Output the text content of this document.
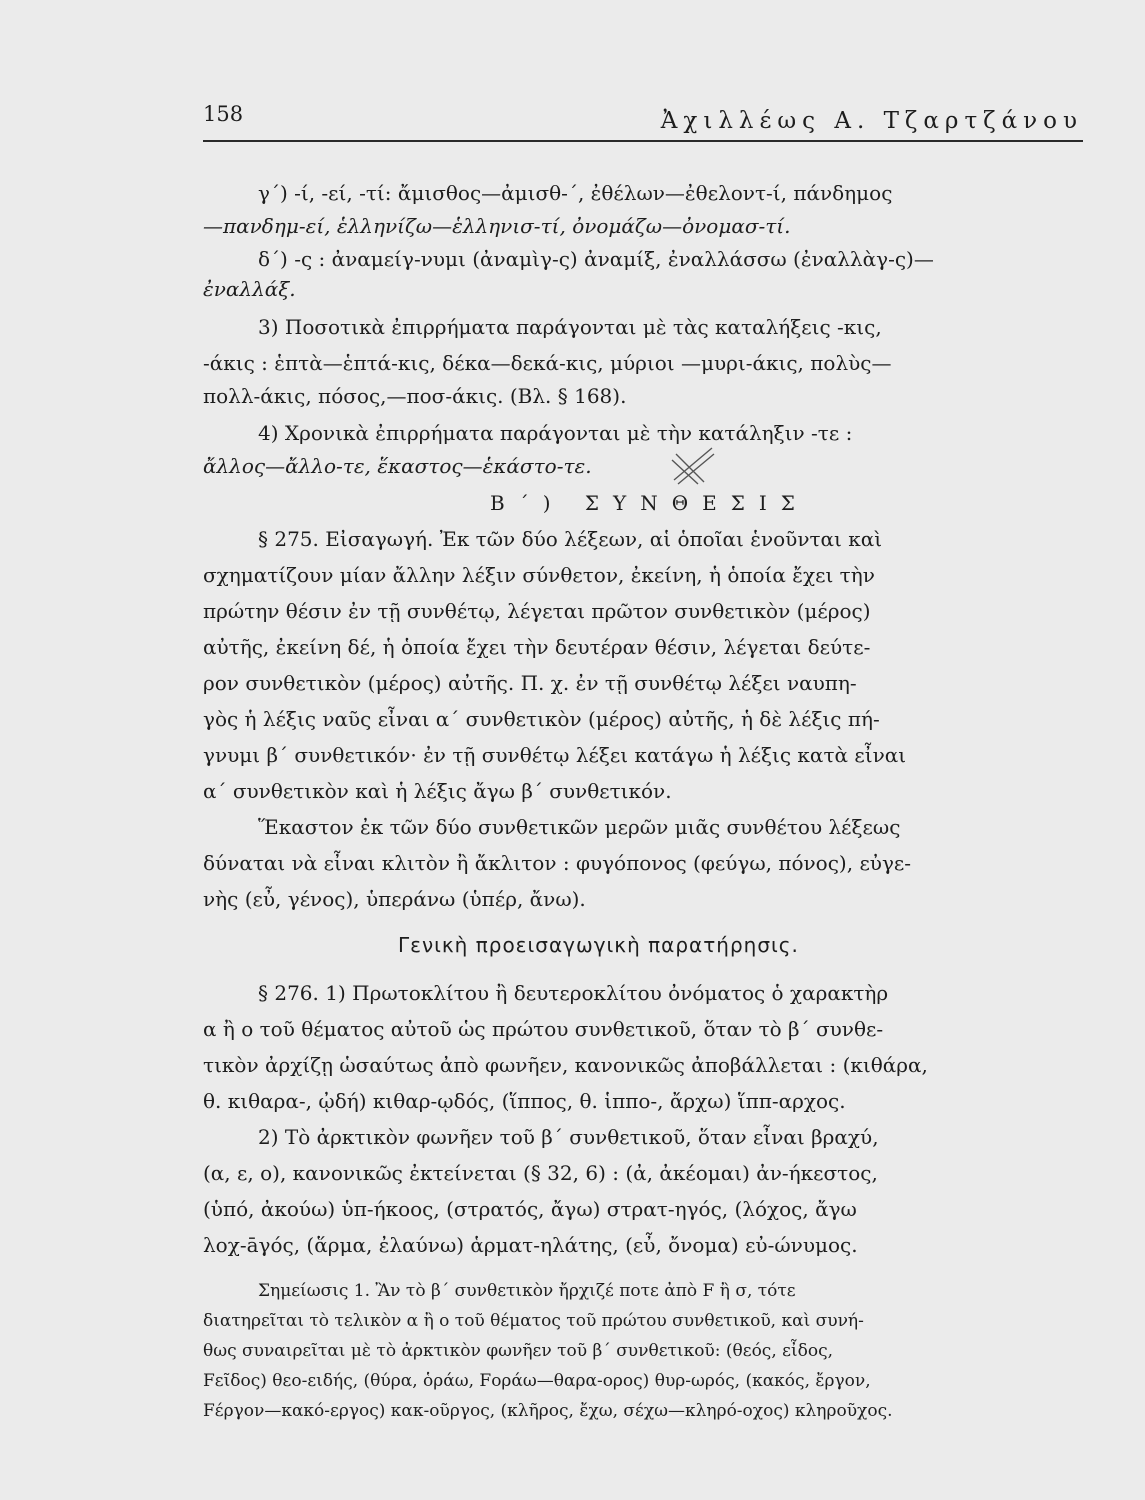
158	Ἀχιλλέως Α. Τζαρτζάνου
γ΄) -ί, -εί, -τί: ἄμισθος—ἀμισθ-΄, ἐθέλων—ἐθελοντ-ί, πάνδημος
—πανδημ-εί, ἑλληνίζω—ἑλληνισ-τί, ὀνομάζω—ὀνομασ-τί.
δ΄) -ς : ἀναμείγ-νυμι (ἀναμὶγ-ς) ἀναμίξ, ἐναλλάσσω (ἐναλλὰγ-ς)—
ἐναλλάξ.
3) Ποσοτικὰ ἐπιρρήματα παράγονται μὲ τὰς καταλήξεις -κις,
-άκις : ἑπτὰ—ἑπτά-κις, δέκα—δεκά-κις, μύριοι —μυρι-άκις, πολὺς—
πολλ-άκις, πόσος,—ποσ-άκις. (Βλ. § 168).
4) Χρονικὰ ἐπιρρήματα παράγονται μὲ τὴν κατάληξιν -τε :
ἄλλος—ἄλλο-τε, ἕκαστος—ἑκάστο-τε.
Β΄) ΣΥΝΘΕΣΙΣ
§ 275. Εἰσαγωγή. Ἐκ τῶν δύο λέξεων, αἱ ὁποῖαι ἑνοῦνται καὶ
σχηματίζουν μίαν ἄλλην λέξιν σύνθετον, ἐκείνη, ἡ ὁποία ἔχει τὴν
πρώτην θέσιν ἐν τῇ συνθέτῳ, λέγεται πρῶτον συνθετικὸν (μέρος)
αὐτῆς, ἐκείνη δέ, ἡ ὁποία ἔχει τὴν δευτέραν θέσιν, λέγεται δεύτε-
ρον συνθετικὸν (μέρος) αὐτῆς. Π. χ. ἐν τῇ συνθέτῳ λέξει ναυπη-
γὸς ἡ λέξις ναῦς εἶναι α΄ συνθετικὸν (μέρος) αὐτῆς, ἡ δὲ λέξις πή-
γνυμι β΄ συνθετικόν· ἐν τῇ συνθέτῳ λέξει κατάγω ἡ λέξις κατὰ εἶναι
α΄ συνθετικὸν καὶ ἡ λέξις ἄγω β΄ συνθετικόν.
Ἕκαστον ἐκ τῶν δύο συνθετικῶν μερῶν μιᾶς συνθέτου λέξεως
δύναται νὰ εἶναι κλιτὸν ἢ ἄκλιτον : φυγόπονος (φεύγω, πόνος), εὐγε-
νὴς (εὖ, γένος), ὑπεράνω (ὑπέρ, ἄνω).
Γενικὴ προεισαγωγικὴ παρατήρησις.
§ 276. 1) Πρωτοκλίτου ἢ δευτεροκλίτου ὀνόματος ὁ χαρακτὴρ
α ἢ ο τοῦ θέματος αὐτοῦ ὡς πρώτου συνθετικοῦ, ὅταν τὸ β΄ συνθε-
τικὸν ἀρχίζῃ ὡσαύτως ἀπὸ φωνῆεν, κανονικῶς ἀποβάλλεται : (κιθάρα,
θ. κιθαρα-, ᾠδή) κιθαρ-ῳδός, (ἵππος, θ. ἱππο-, ἄρχω) ἵππ-αρχος.
2) Τὸ ἀρκτικὸν φωνῆεν τοῦ β΄ συνθετικοῦ, ὅταν εἶναι βραχύ,
(α, ε, ο), κανονικῶς ἐκτείνεται (§ 32, 6) : (ἀ, ἀκέομαι) ἀν-ήκεστος,
(ὑπό, ἀκούω) ὑπ-ήκοος, (στρατός, ἄγω) στρατ-ηγός, (λόχος, ἄγω
λοχ-āγός, (ἅρμα, ἐλαύνω) ἁρματ-ηλάτης, (εὖ, ὄνομα) εὐ-ώνυμος.
Σημείωσις 1. Ἂν τὸ β΄ συνθετικὸν ἤρχιζέ ποτε ἀπὸ F ἢ σ, τότε
διατηρεῖται τὸ τελικὸν α ἢ ο τοῦ θέματος τοῦ πρώτου συνθετικοῦ, καὶ συνή-
θως συναιρεῖται μὲ τὸ ἀρκτικὸν φωνῆεν τοῦ β΄ συνθετικοῦ: (θεός, εἶδος,
Fεῖδος) θεο-ειδής, (θύρα, ὁράω, Fοράω—θαρα-ορος) θυρ-ωρός, (κακός, ἔργον,
Fέργον—κακό-εργος) κακ-οῦργος, (κλῆρος, ἔχω, σέχω—κληρό-οχος) κληροῦχος.
